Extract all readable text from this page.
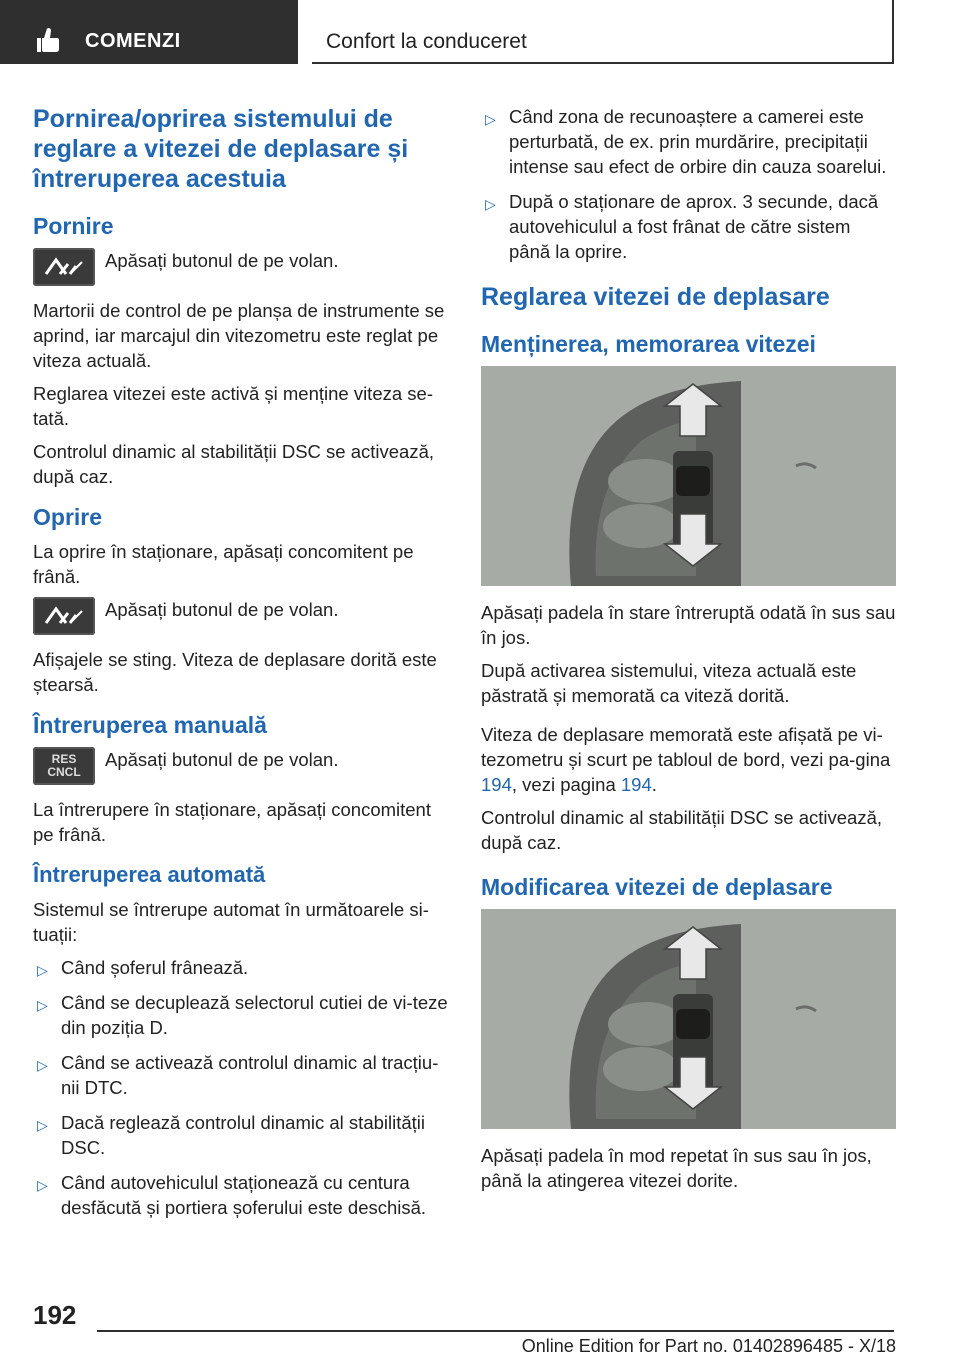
COMENZI	Confort la conduceret
Pornirea/oprirea sistemului de reglare a vitezei de deplasare și întreruperea acestuia
Pornire

Apăsați butonul de pe volan.

Martorii de control de pe planșa de instrumente se aprind, iar marcajul din vitezometru este reglat pe viteza actuală.

Reglarea vitezei este activă și menține viteza se‐tată.

Controlul dinamic al stabilității DSC se activează, după caz.

Oprire

La oprire în staționare, apăsați concomitent pe frână.

Apăsați butonul de pe volan.

Afișajele se sting. Viteza de deplasare dorită este ștearsă.

Întreruperea manuală
RES
CNCL

Apăsați butonul de pe volan.

La întrerupere în staționare, apăsați concomitent pe frână.

Întreruperea automată

Sistemul se întrerupe automat în următoarele si‐tuații:

▷ Când șoferul frânează.
▷ Când se decuplează selectorul cutiei de vi‐teze din poziția D.
▷ Când se activează controlul dinamic al tracțiu‐nii DTC.
▷ Dacă reglează controlul dinamic al stabilității DSC.
▷ Când autovehiculul staționează cu centura desfăcută și portiera șoferului este deschisă.
▷ Când zona de recunoaștere a camerei este perturbată, de ex. prin murdărire, precipitații intense sau efect de orbire din cauza soarelui.
▷ După o staționare de aprox. 3 secunde, dacă autovehiculul a fost frânat de către sistem până la oprire.
Reglarea vitezei de deplasare
Menținerea, memorarea vitezei

Apăsați padela în stare întreruptă odată în sus sau în jos.

După activarea sistemului, viteza actuală este păstrată și memorată ca viteză dorită.

Viteza de deplasare memorată este afișată pe vi‐tezometru și scurt pe tabloul de bord, vezi pa‐gina 194, vezi pagina 194.

Controlul dinamic al stabilității DSC se activează, după caz.

Modificarea vitezei de deplasare

Apăsați padela în mod repetat în sus sau în jos, până la atingerea vitezei dorite.

192
Online Edition for Part no. 01402896485 - X/18
